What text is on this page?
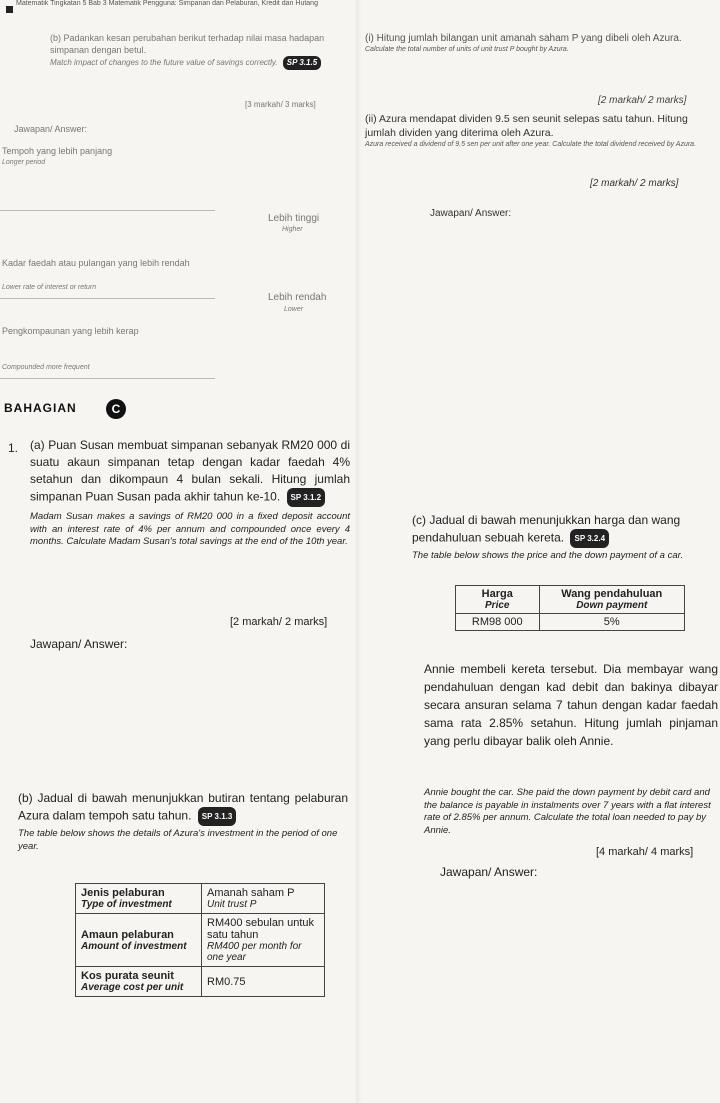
Matematik Tingkatan 5 Bab 3 Matematik Pengguna: Simpanan dan Pelaburan, Kredit dan Hutang
(b) Padankan kesan perubahan berikut terhadap nilai masa hadapan simpanan dengan betul.
Match impact of changes to the future value of savings correctly. SP 3.1.5
[3 markah/ 3 marks]
Jawapan/ Answer:
Tempoh yang lebih panjang
Longer period
Lebih tinggi
Higher
Kadar faedah atau pulangan yang lebih rendah
Lower rate of interest or return
Lebih rendah
Lower
Pengkompaunan yang lebih kerap
Compounded more frequent
(i) Hitung jumlah bilangan unit amanah saham P yang dibeli oleh Azura.
Calculate the total number of units of unit trust P bought by Azura.
[2 markah/ 2 marks]
(ii) Azura mendapat dividen 9.5 sen seunit selepas satu tahun. Hitung jumlah dividen yang diterima oleh Azura.
Azura received a dividend of 9.5 sen per unit after one year. Calculate the total dividend received by Azura.
[2 markah/ 2 marks]
Jawapan/ Answer:
BAHAGIAN	C
1. (a) Puan Susan membuat simpanan sebanyak RM20 000 di suatu akaun simpanan tetap dengan kadar faedah 4% setahun dan dikompaun 4 bulan sekali. Hitung jumlah simpanan Puan Susan pada akhir tahun ke-10. SP 3.1.2
Madam Susan makes a savings of RM20 000 in a fixed deposit account with an interest rate of 4% per annum and compounded once every 4 months. Calculate Madam Susan's total savings at the end of the 10th year.
[2 markah/ 2 marks]
Jawapan/ Answer:
(b) Jadual di bawah menunjukkan butiran tentang pelaburan Azura dalam tempoh satu tahun. SP 3.1.3
The table below shows the details of Azura's investment in the period of one year.
Jenis pelaburan
Type of investment	Amanah saham P
Unit trust P

Amaun pelaburan
Amount of investment	RM400 sebulan untuk satu tahun
RM400 per month for one year

Kos purata seunit
Average cost per unit	RM0.75
(c) Jadual di bawah menunjukkan harga dan wang pendahuluan sebuah kereta. SP 3.2.4
The table below shows the price and the down payment of a car.
Harga
Price	Wang pendahuluan
Down payment

RM98 000	5%
Annie membeli kereta tersebut. Dia membayar wang pendahuluan dengan kad debit dan bakinya dibayar secara ansuran selama 7 tahun dengan kadar faedah sama rata 2.85% setahun. Hitung jumlah pinjaman yang perlu dibayar balik oleh Annie.
Annie bought the car. She paid the down payment by debit card and the balance is payable in instalments over 7 years with a flat interest rate of 2.85% per annum. Calculate the total loan needed to pay by Annie.
[4 markah/ 4 marks]
Jawapan/ Answer:
